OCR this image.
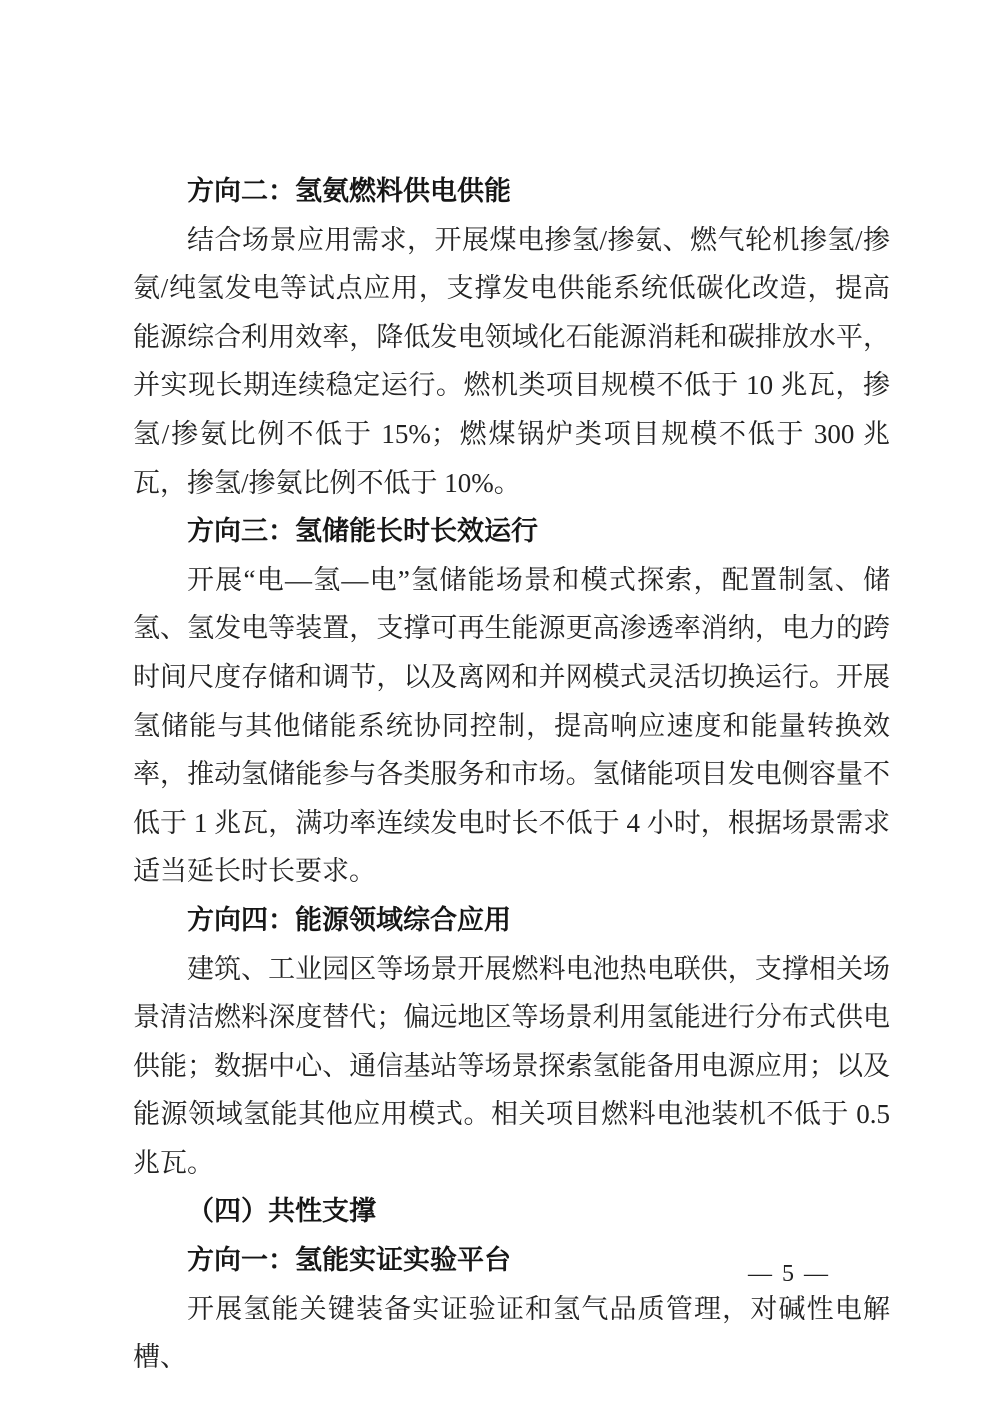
方向二：氢氨燃料供电供能

结合场景应用需求，开展煤电掺氢/掺氨、燃气轮机掺氢/掺氨/纯氢发电等试点应用，支撑发电供能系统低碳化改造，提高能源综合利用效率，降低发电领域化石能源消耗和碳排放水平，并实现长期连续稳定运行。燃机类项目规模不低于 10 兆瓦，掺氢/掺氨比例不低于 15%；燃煤锅炉类项目规模不低于 300 兆瓦，掺氢/掺氨比例不低于 10%。

方向三：氢储能长时长效运行

开展“电—氢—电”氢储能场景和模式探索，配置制氢、储氢、氢发电等装置，支撑可再生能源更高渗透率消纳，电力的跨时间尺度存储和调节，以及离网和并网模式灵活切换运行。开展氢储能与其他储能系统协同控制，提高响应速度和能量转换效率，推动氢储能参与各类服务和市场。氢储能项目发电侧容量不低于 1 兆瓦，满功率连续发电时长不低于 4 小时，根据场景需求适当延长时长要求。

方向四：能源领域综合应用

建筑、工业园区等场景开展燃料电池热电联供，支撑相关场景清洁燃料深度替代；偏远地区等场景利用氢能进行分布式供电供能；数据中心、通信基站等场景探索氢能备用电源应用；以及能源领域氢能其他应用模式。相关项目燃料电池装机不低于 0.5 兆瓦。

（四）共性支撑
方向一：氢能实证实验平台

开展氢能关键装备实证验证和氢气品质管理，对碱性电解槽、

— 5 —
